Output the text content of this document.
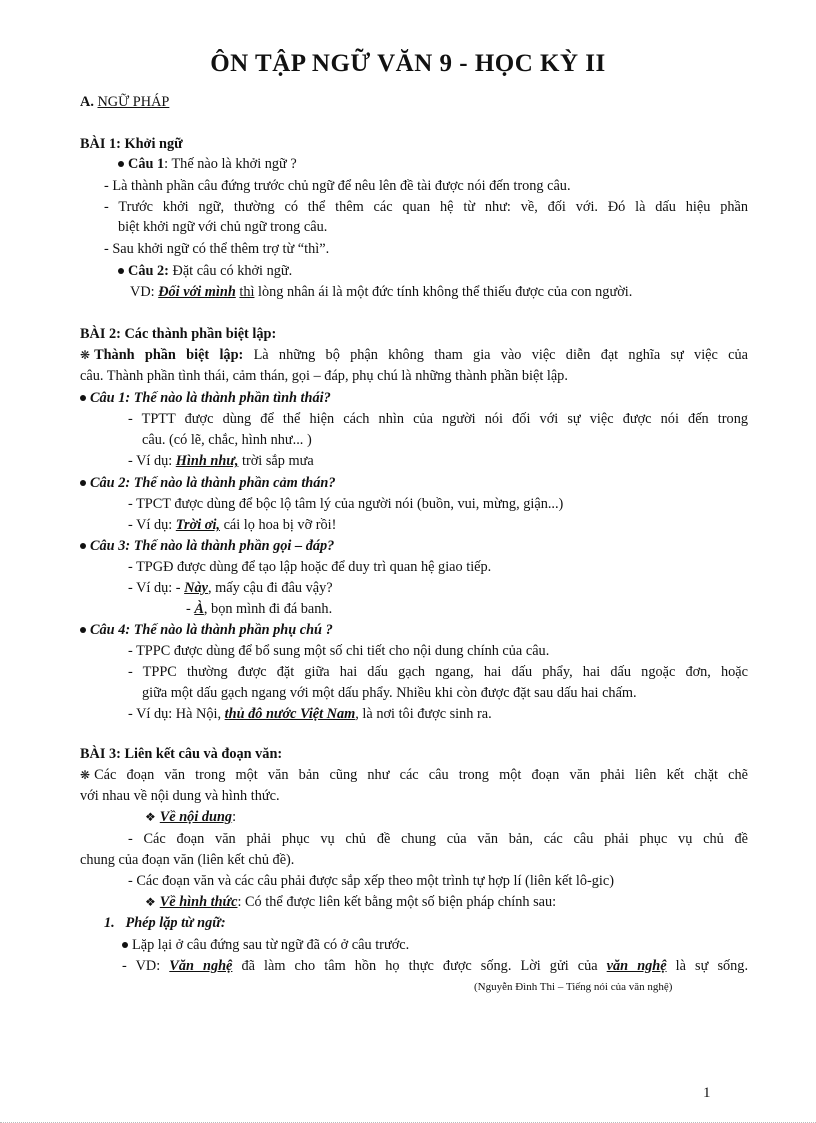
ÔN TẬP NGỮ VĂN 9 - HỌC KỲ II
A. NGỮ PHÁP
BÀI 1: Khởi ngữ
Câu 1: Thế nào là khởi ngữ ?
- Là thành phần câu đứng trước chủ ngữ để nêu lên đề tài được nói đến trong câu.
- Trước khởi ngữ, thường có thể thêm các quan hệ từ như: về, đối với. Đó là dấu hiệu phần
biệt khởi ngữ với chủ ngữ trong câu.
- Sau khởi ngữ có thể thêm trợ từ “thì”.
Câu 2: Đặt câu có khởi ngữ.
VD: Đối với mình thì lòng nhân ái là một đức tính không thể thiếu được của con người.
BÀI 2: Các thành phần biệt lập:
❋ Thành phần biệt lập: Là những bộ phận không tham gia vào việc diễn đạt nghĩa sự việc của
câu. Thành phần tình thái, cảm thán, gọi – đáp, phụ chú là những thành phần biệt lập.
Câu 1: Thế nào là thành phần tình thái?
- TPTT được dùng để thể hiện cách nhìn của người nói đối với sự việc được nói đến trong
câu. (có lẽ, chắc, hình như... )
- Ví dụ: Hình như, trời sắp mưa
Câu 2: Thế nào là thành phần cảm thán?
- TPCT được dùng để bộc lộ tâm lý của người nói (buồn, vui, mừng, giận...)
- Ví dụ: Trời ơi, cái lọ hoa bị vỡ rồi!
Câu 3: Thế nào là thành phần gọi – đáp?
- TPGĐ được dùng để tạo lập hoặc để duy trì quan hệ giao tiếp.
- Ví dụ: - Này, mấy cậu đi đâu vậy?
- À, bọn mình đi đá banh.
Câu 4: Thế nào là thành phần phụ chú ?
- TPPC được dùng để bổ sung một số chi tiết cho nội dung chính của câu.
- TPPC thường được đặt giữa hai dấu gạch ngang, hai dấu phẩy, hai dấu ngoặc đơn, hoặc
giữa một dấu gạch ngang với một dấu phẩy. Nhiều khi còn được đặt sau dấu hai chấm.
- Ví dụ: Hà Nội, thủ đô nước Việt Nam, là nơi tôi được sinh ra.
BÀI 3: Liên kết câu và đoạn văn:
❋ Các đoạn văn trong một văn bản cũng như các câu trong một đoạn văn phải liên kết chặt chẽ
với nhau về nội dung và hình thức.
❖ Về nội dung:
- Các đoạn văn phải phục vụ chủ đề chung của văn bản, các câu phải phục vụ chủ đề
chung của đoạn văn (liên kết chủ đề).
- Các đoạn văn và các câu phải được sắp xếp theo một trình tự hợp lí (liên kết lô-gic)
❖ Về hình thức: Có thể được liên kết bằng một số biện pháp chính sau:
1. Phép lặp từ ngữ:
Lặp lại ở câu đứng sau từ ngữ đã có ở câu trước.
- VD: Văn nghệ đã làm cho tâm hồn họ thực được sống. Lời gửi của văn nghệ là sự sống.
(Nguyễn Đình Thi – Tiếng nói của văn nghệ)
1
